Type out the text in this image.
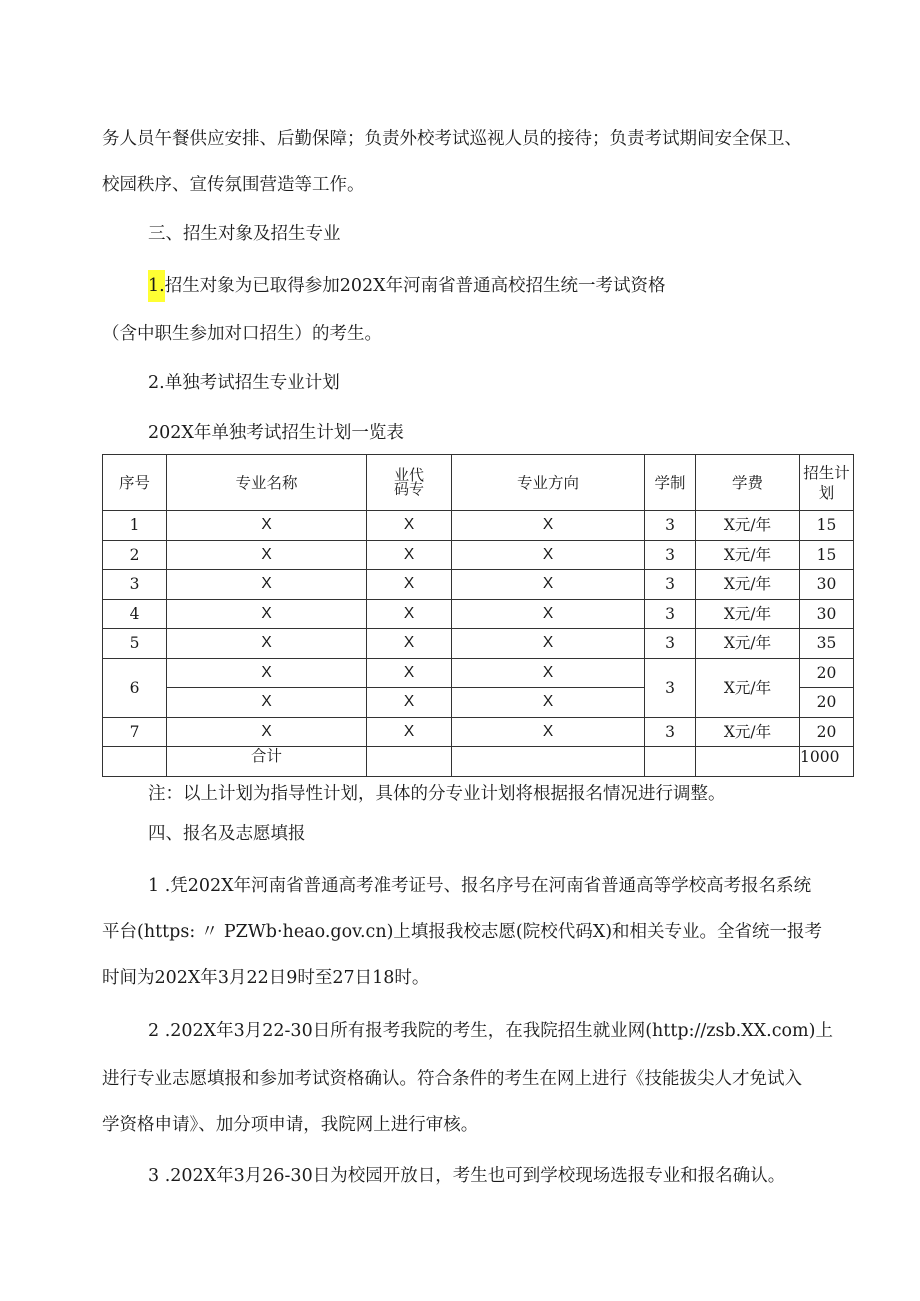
务人员午餐供应安排、后勤保障；负责外校考试巡视人员的接待；负责考试期间安全保卫、
校园秩序、宣传氛围营造等工作。
三、招生对象及招生专业
1.招生对象为已取得参加202X年河南省普通高校招生统一考试资格
（含中职生参加对口招生）的考生。
2.单独考试招生专业计划
202X年单独考试招生计划一览表
序号	专业名称	业代码专	专业方向	学制	学费	招生计划
1	X	X	X	3	X元/年	15
2	X	X	X	3	X元/年	15
3	X	X	X	3	X元/年	30
4	X	X	X	3	X元/年	30
5	X	X	X	3	X元/年	35
6	X	X	X	3	X元/年	20
	X	X	X			20
7	X	X	X	3	X元/年	20
	合计					1000
注：以上计划为指导性计划，具体的分专业计划将根据报名情况进行调整。
四、报名及志愿填报
1 .凭202X年河南省普通高考准考证号、报名序号在河南省普通高等学校高考报名系统
平台(https: 〃 PZWb·heao.gov.cn)上填报我校志愿(院校代码X)和相关专业。全省统一报考
时间为202X年3月22日9时至27日18时。
2 .202X年3月22-30日所有报考我院的考生，在我院招生就业网(http://zsb.XX.com)上
进行专业志愿填报和参加考试资格确认。符合条件的考生在网上进行《技能拔尖人才免试入
学资格申请》、加分项申请，我院网上进行审核。
3 .202X年3月26-30日为校园开放日，考生也可到学校现场选报专业和报名确认。
